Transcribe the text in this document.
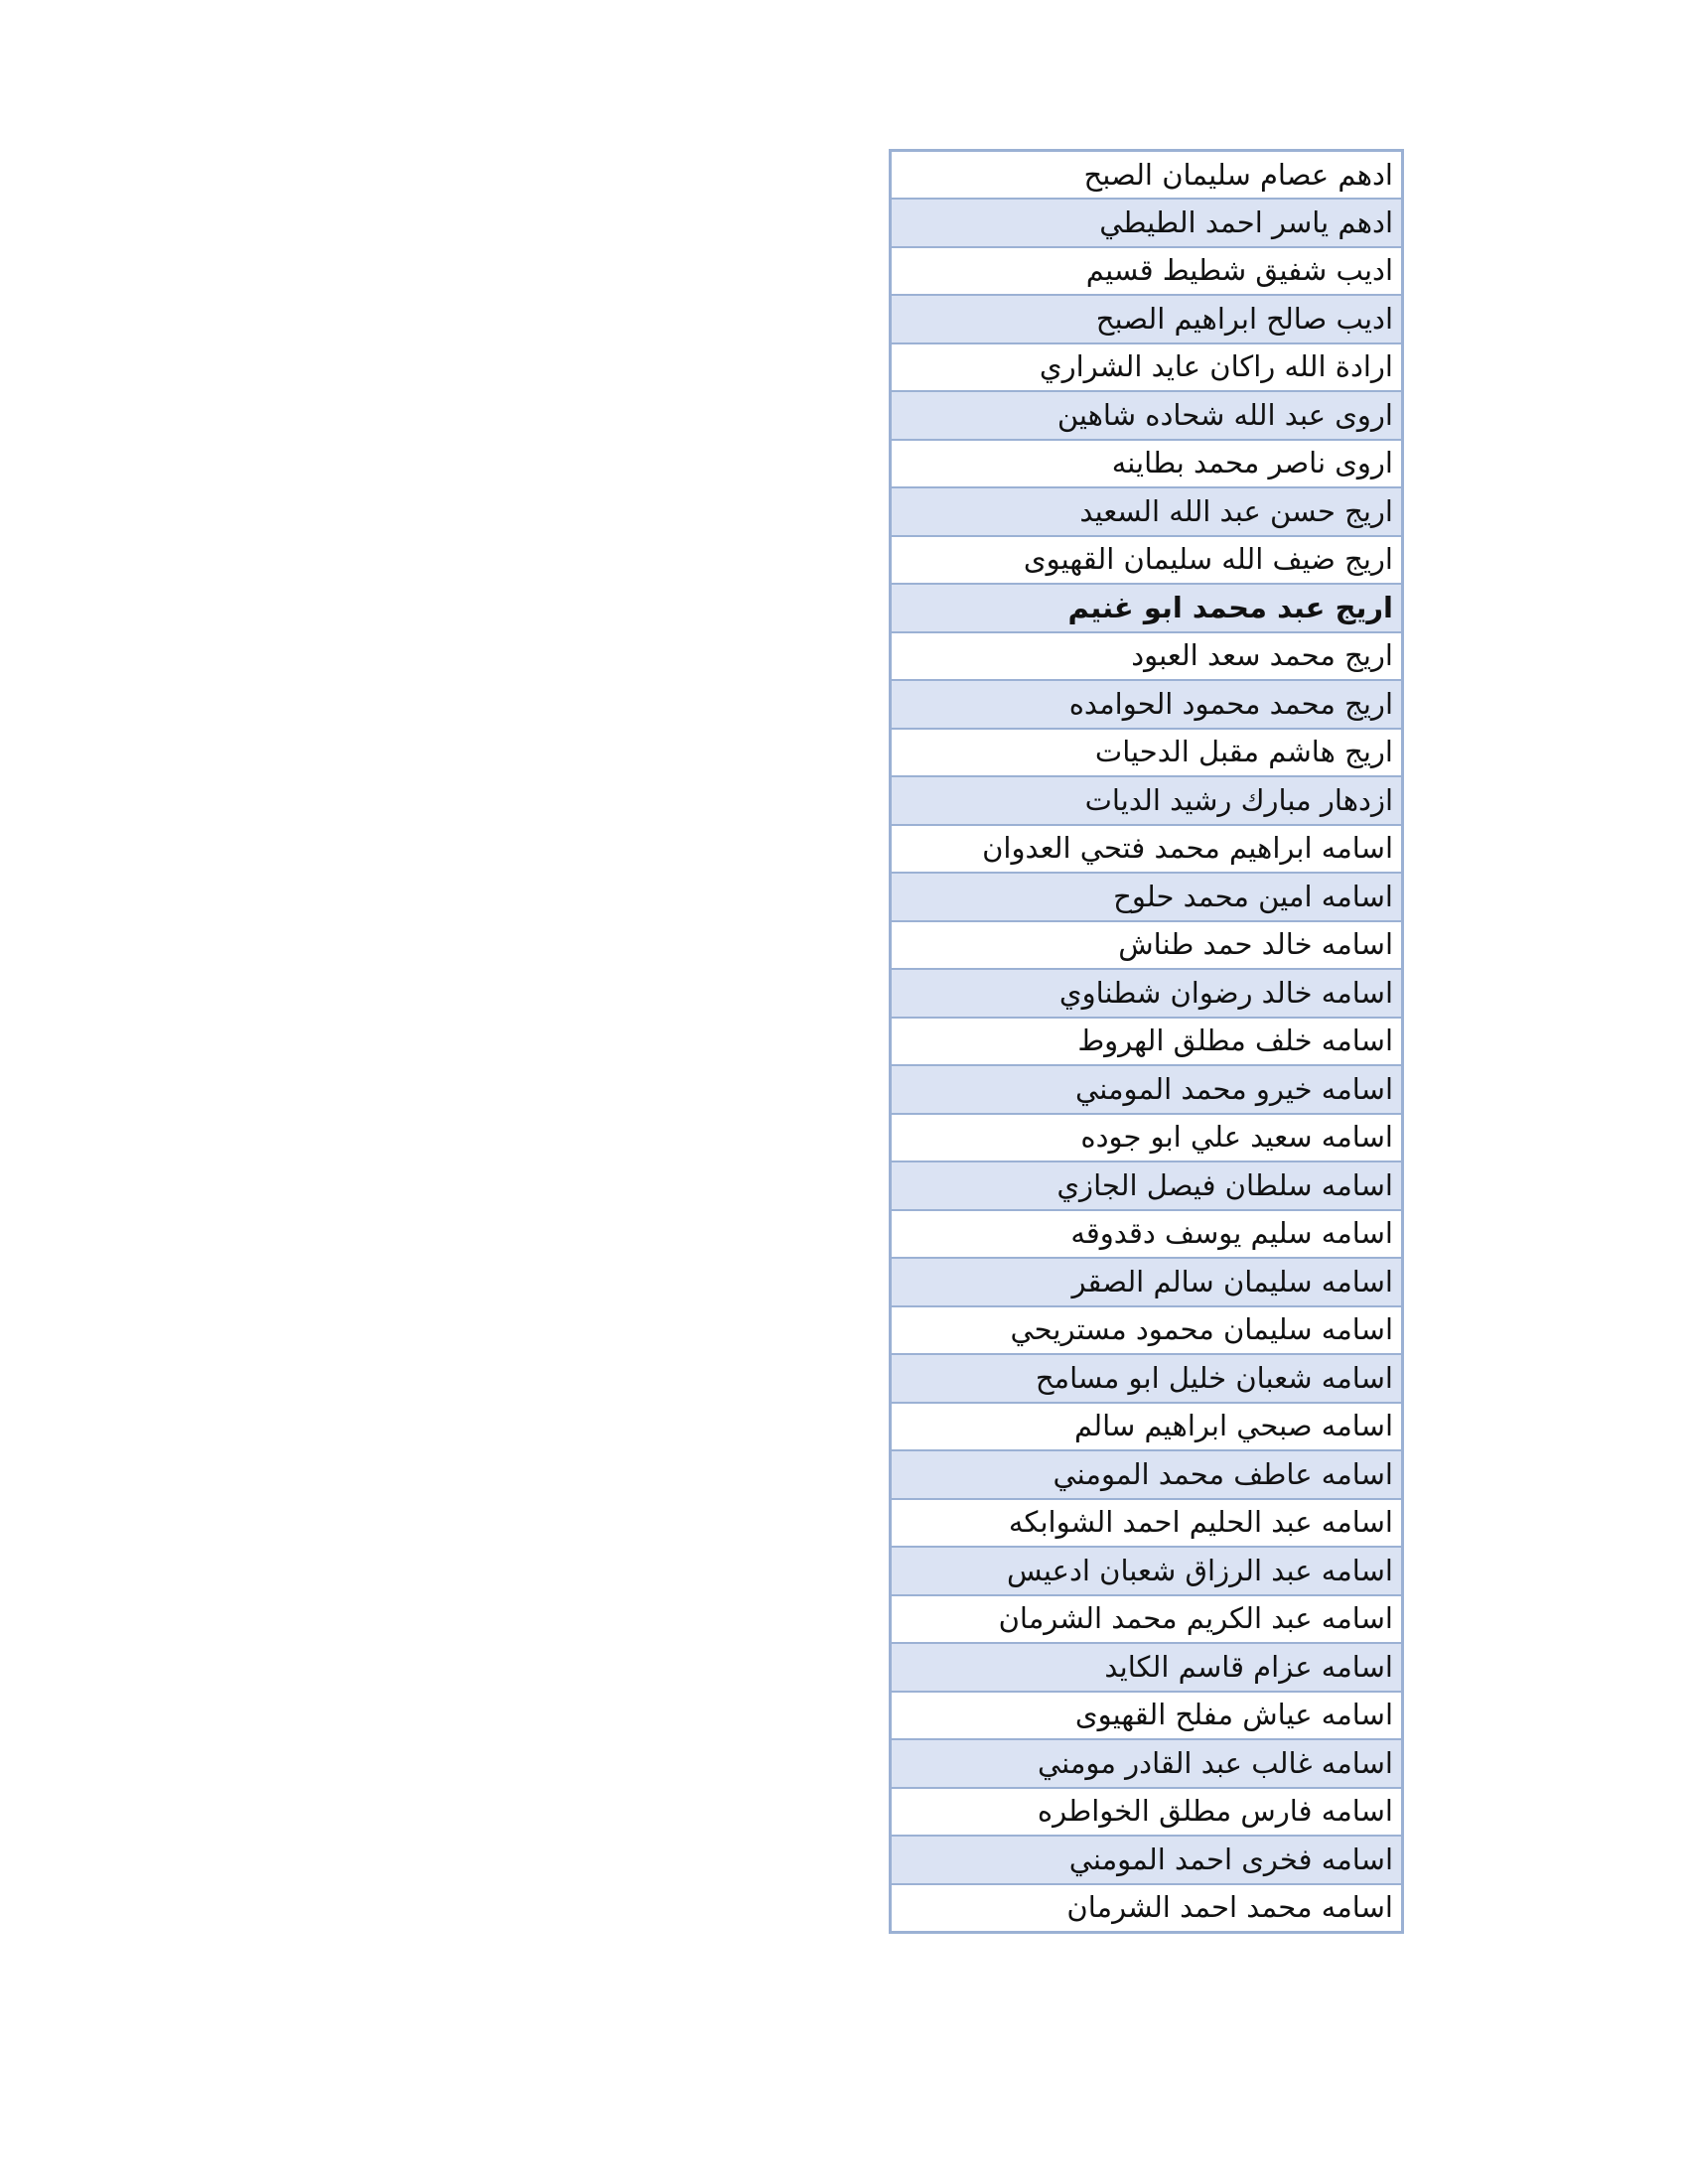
ادهم عصام سليمان الصبح
ادهم ياسر احمد الطيطي
اديب شفيق شطيط قسيم
اديب صالح ابراهيم الصبح
ارادة الله راكان عايد الشراري
اروى عبد الله شحاده شاهين
اروى ناصر محمد بطاينه
اريج حسن عبد الله السعيد
اريج ضيف الله سليمان القهيوى
اريج عبد محمد ابو غنيم
اريج محمد سعد العبود
اريج محمد محمود الحوامده
اريج هاشم مقبل الدحيات
ازدهار مبارك رشيد الديات
اسامه ابراهيم محمد فتحي العدوان
اسامه امين محمد حلوح
اسامه خالد حمد طناش
اسامه خالد رضوان شطناوي
اسامه خلف مطلق الهروط
اسامه خيرو محمد المومني
اسامه سعيد علي ابو جوده
اسامه سلطان فيصل الجازي
اسامه سليم يوسف دقدوقه
اسامه سليمان سالم الصقر
اسامه سليمان محمود مستريحي
اسامه شعبان خليل ابو مسامح
اسامه صبحي ابراهيم سالم
اسامه عاطف محمد المومني
اسامه عبد الحليم احمد الشوابكه
اسامه عبد الرزاق شعبان ادعيس
اسامه عبد الكريم محمد الشرمان
اسامه عزام قاسم الكايد
اسامه عياش مفلح القهيوى
اسامه غالب عبد القادر مومني
اسامه فارس مطلق الخواطره
اسامه فخرى احمد المومني
اسامه محمد احمد الشرمان
